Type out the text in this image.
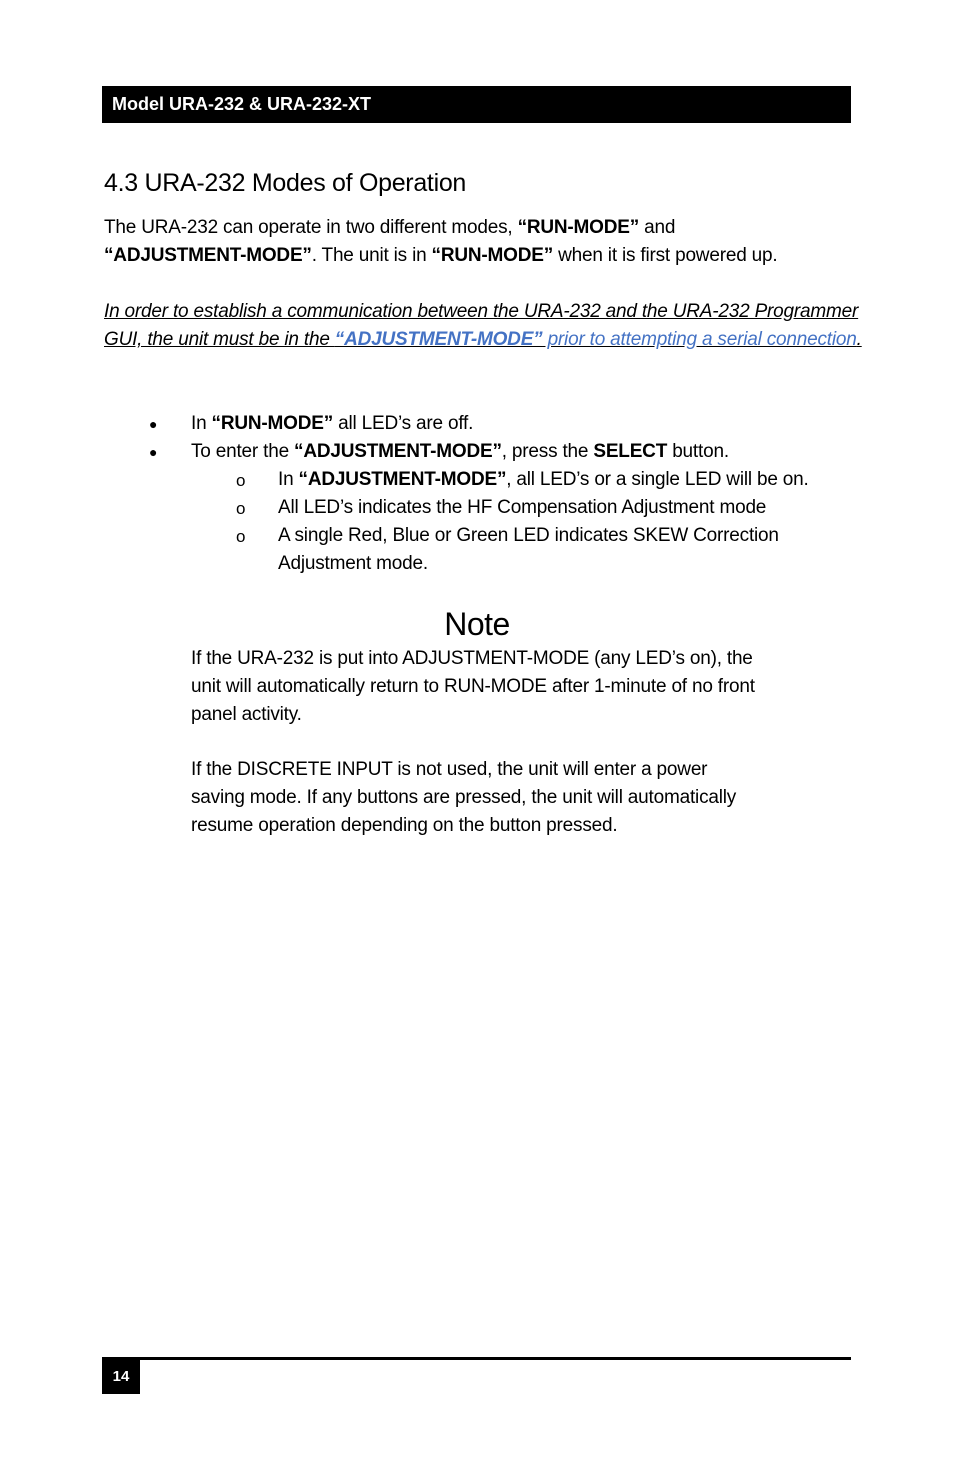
Model URA-232 & URA-232-XT
4.3 URA-232 Modes of Operation
The URA-232 can operate in two different modes, “RUN-MODE” and
“ADJUSTMENT-MODE”. The unit is in “RUN-MODE” when it is first powered up.
In order to establish a communication between the URA-232 and the URA-232 Programmer GUI, the unit must be in the “ADJUSTMENT-MODE” prior to attempting a serial connection.
● In “RUN-MODE” all LED’s are off.
● To enter the “ADJUSTMENT-MODE”, press the SELECT button.
o In “ADJUSTMENT-MODE”, all LED’s or a single LED will be on.
o All LED’s indicates the HF Compensation Adjustment mode
o A single Red, Blue or Green LED indicates SKEW Correction Adjustment mode.
Note
If the URA-232 is put into ADJUSTMENT-MODE (any LED’s on), the unit will automatically return to RUN-MODE after 1-minute of no front panel activity.
If the DISCRETE INPUT is not used, the unit will enter a power saving mode. If any buttons are pressed, the unit will automatically resume operation depending on the button pressed.
14
